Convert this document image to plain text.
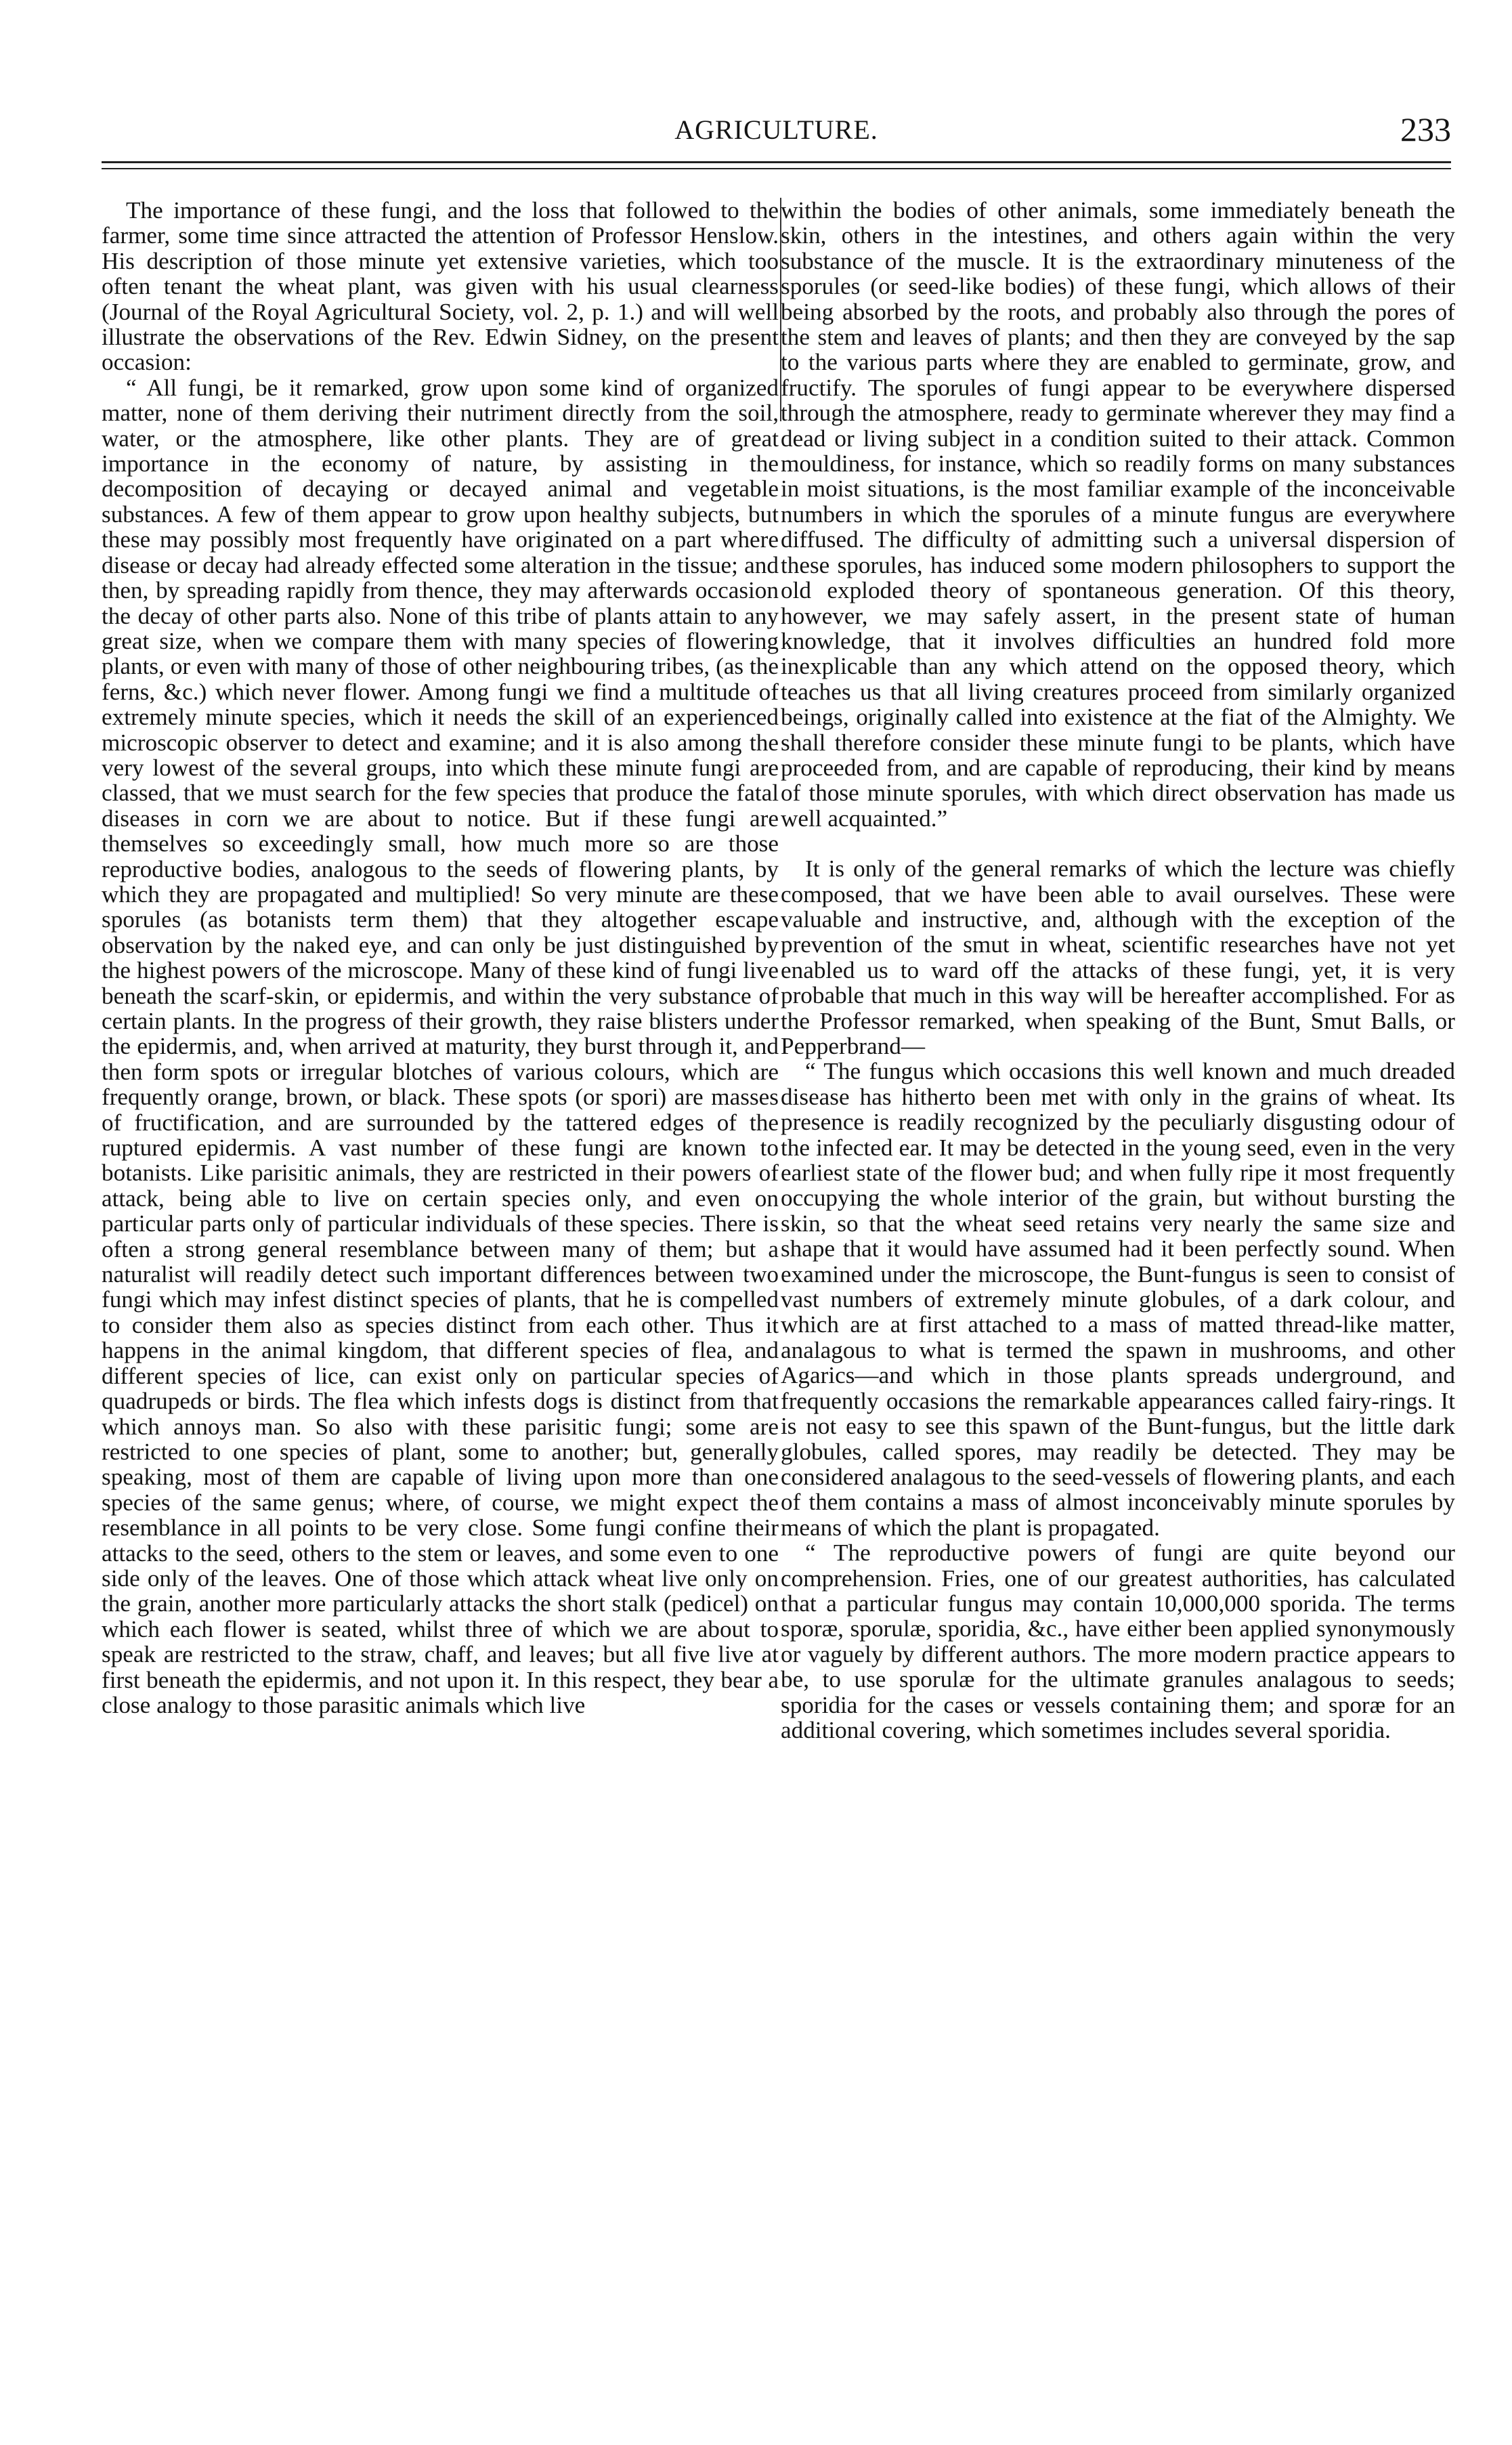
AGRICULTURE.	233

The importance of these fungi, and the loss that followed to the farmer, some time since attracted the attention of Professor Henslow. His description of those minute yet extensive varieties, which too often tenant the wheat plant, was given with his usual clearness (Journal of the Royal Agricultural Society, vol. 2, p. 1.) and will well illustrate the observations of the Rev. Edwin Sidney, on the present occasion:

“ All fungi, be it remarked, grow upon some kind of organized matter, none of them deriving their nutriment directly from the soil, water, or the atmosphere, like other plants. They are of great importance in the economy of nature, by assisting in the decomposition of decaying or decayed animal and vegetable substances. A few of them appear to grow upon healthy subjects, but these may possibly most frequently have originated on a part where disease or decay had already effected some alteration in the tissue; and then, by spreading rapidly from thence, they may afterwards occasion the decay of other parts also. None of this tribe of plants attain to any great size, when we compare them with many species of flowering plants, or even with many of those of other neighbouring tribes, (as the ferns, &c.) which never flower. Among fungi we find a multitude of extremely minute species, which it needs the skill of an experienced microscopic observer to detect and examine; and it is also among the very lowest of the several groups, into which these minute fungi are classed, that we must search for the few species that produce the fatal diseases in corn we are about to notice. But if these fungi are themselves so exceedingly small, how much more so are those reproductive bodies, analogous to the seeds of flowering plants, by which they are propagated and multiplied! So very minute are these sporules (as botanists term them) that they altogether escape observation by the naked eye, and can only be just distinguished by the highest powers of the microscope. Many of these kind of fungi live beneath the scarf-skin, or epidermis, and within the very substance of certain plants. In the progress of their growth, they raise blisters under the epidermis, and, when arrived at maturity, they burst through it, and then form spots or irregular blotches of various colours, which are frequently orange, brown, or black. These spots (or spori) are masses of fructification, and are surrounded by the tattered edges of the ruptured epidermis. A vast number of these fungi are known to botanists. Like parisitic animals, they are restricted in their powers of attack, being able to live on certain species only, and even on particular parts only of particular individuals of these species. There is often a strong general resemblance between many of them; but a naturalist will readily detect such important differences between two fungi which may infest distinct species of plants, that he is compelled to consider them also as species distinct from each other. Thus it happens in the animal kingdom, that different species of flea, and different species of lice, can exist only on particular species of quadrupeds or birds. The flea which infests dogs is distinct from that which annoys man. So also with these parisitic fungi; some are restricted to one species of plant, some to another; but, generally speaking, most of them are capable of living upon more than one species of the same genus; where, of course, we might expect the resemblance in all points to be very close. Some fungi confine their attacks to the seed, others to the stem or leaves, and some even to one side only of the leaves. One of those which attack wheat live only on the grain, another more particularly attacks the short stalk (pedicel) on which each flower is seated, whilst three of which we are about to speak are restricted to the straw, chaff, and leaves; but all five live at first beneath the epidermis, and not upon it. In this respect, they bear a close analogy to those parasitic animals which live

within the bodies of other animals, some immediately beneath the skin, others in the intestines, and others again within the very substance of the muscle. It is the extraordinary minuteness of the sporules (or seed-like bodies) of these fungi, which allows of their being absorbed by the roots, and probably also through the pores of the stem and leaves of plants; and then they are conveyed by the sap to the various parts where they are enabled to germinate, grow, and fructify. The sporules of fungi appear to be everywhere dispersed through the atmosphere, ready to germinate wherever they may find a dead or living subject in a condition suited to their attack. Common mouldiness, for instance, which so readily forms on many substances in moist situations, is the most familiar example of the inconceivable numbers in which the sporules of a minute fungus are everywhere diffused. The difficulty of admitting such a universal dispersion of these sporules, has induced some modern philosophers to support the old exploded theory of spontaneous generation. Of this theory, however, we may safely assert, in the present state of human knowledge, that it involves difficulties an hundred fold more inexplicable than any which attend on the opposed theory, which teaches us that all living creatures proceed from similarly organized beings, originally called into existence at the fiat of the Almighty. We shall therefore consider these minute fungi to be plants, which have proceeded from, and are capable of reproducing, their kind by means of those minute sporules, with which direct observation has made us well acquainted.”

It is only of the general remarks of which the lecture was chiefly composed, that we have been able to avail ourselves. These were valuable and instructive, and, although with the exception of the prevention of the smut in wheat, scientific researches have not yet enabled us to ward off the attacks of these fungi, yet, it is very probable that much in this way will be hereafter accomplished. For as the Professor remarked, when speaking of the Bunt, Smut Balls, or Pepperbrand—

“ The fungus which occasions this well known and much dreaded disease has hitherto been met with only in the grains of wheat. Its presence is readily recognized by the peculiarly disgusting odour of the infected ear. It may be detected in the young seed, even in the very earliest state of the flower bud; and when fully ripe it most frequently occupying the whole interior of the grain, but without bursting the skin, so that the wheat seed retains very nearly the same size and shape that it would have assumed had it been perfectly sound. When examined under the microscope, the Bunt-fungus is seen to consist of vast numbers of extremely minute globules, of a dark colour, and which are at first attached to a mass of matted thread-like matter, analagous to what is termed the spawn in mushrooms, and other Agarics—and which in those plants spreads underground, and frequently occasions the remarkable appearances called fairy-rings. It is not easy to see this spawn of the Bunt-fungus, but the little dark globules, called spores, may readily be detected. They may be considered analagous to the seed-vessels of flowering plants, and each of them contains a mass of almost inconceivably minute sporules by means of which the plant is propagated.

“ The reproductive powers of fungi are quite beyond our comprehension. Fries, one of our greatest authorities, has calculated that a particular fungus may contain 10,000,000 sporida. The terms sporæ, sporulæ, sporidia, &c., have either been applied synonymously or vaguely by different authors. The more modern practice appears to be, to use sporulæ for the ultimate granules analagous to seeds; sporidia for the cases or vessels containing them; and sporæ for an additional covering, which sometimes includes several sporidia.
